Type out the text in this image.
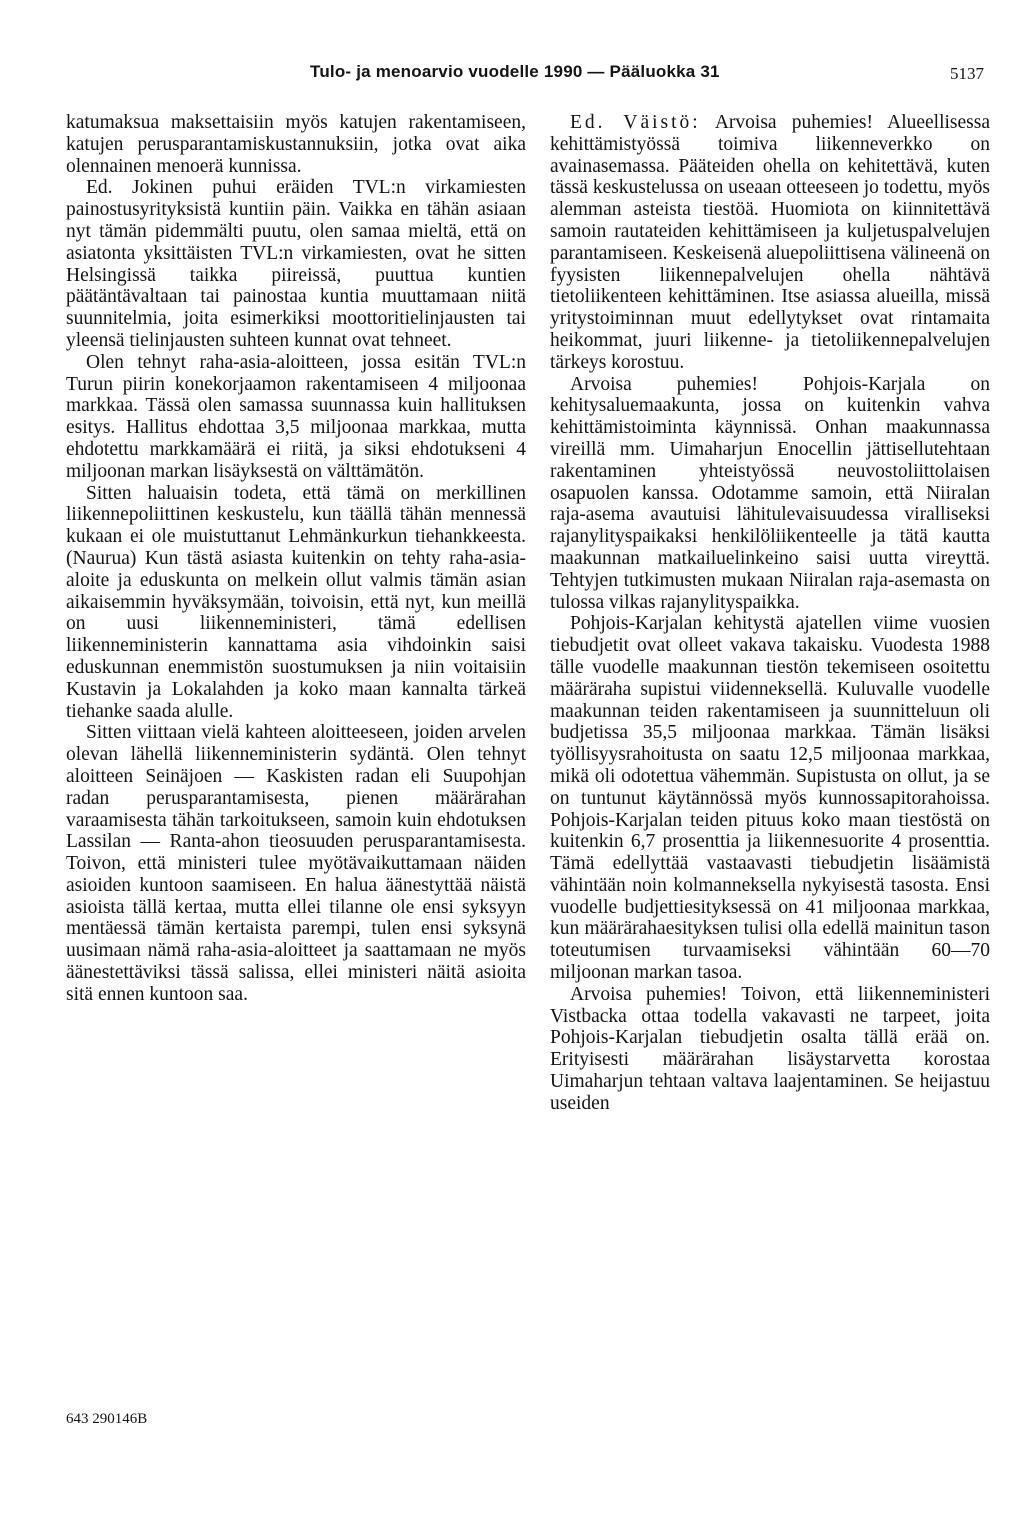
Tulo- ja menoarvio vuodelle 1990 — Pääluokka 31	5137

katumaksua maksettaisiin myös katujen rakentamiseen, katujen perusparantamiskustannuksiin, jotka ovat aika olennainen menoerä kunnissa.

Ed. Jokinen puhui eräiden TVL:n virkamiesten painostusyrityksistä kuntiin päin. Vaikka en tähän asiaan nyt tämän pidemmälti puutu, olen samaa mieltä, että on asiatonta yksittäisten TVL:n virkamiesten, ovat he sitten Helsingissä taikka piireissä, puuttua kuntien päätäntävaltaan tai painostaa kuntia muuttamaan niitä suunnitelmia, joita esimerkiksi moottoritielinjausten tai yleensä tielinjausten suhteen kunnat ovat tehneet.

Olen tehnyt raha-asia-aloitteen, jossa esitän TVL:n Turun piirin konekorjaamon rakentamiseen 4 miljoonaa markkaa. Tässä olen samassa suunnassa kuin hallituksen esitys. Hallitus ehdottaa 3,5 miljoonaa markkaa, mutta ehdotettu markkamäärä ei riitä, ja siksi ehdotukseni 4 miljoonan markan lisäyksestä on välttämätön.

Sitten haluaisin todeta, että tämä on merkillinen liikennepoliittinen keskustelu, kun täällä tähän mennessä kukaan ei ole muistuttanut Lehmänkurkun tiehankkeesta. (Naurua) Kun tästä asiasta kuitenkin on tehty raha-asia-aloite ja eduskunta on melkein ollut valmis tämän asian aikaisemmin hyväksymään, toivoisin, että nyt, kun meillä on uusi liikenneministeri, tämä edellisen liikenneministerin kannattama asia vihdoinkin saisi eduskunnan enemmistön suostumuksen ja niin voitaisiin Kustavin ja Lokalahden ja koko maan kannalta tärkeä tiehanke saada alulle.

Sitten viittaan vielä kahteen aloitteeseen, joiden arvelen olevan lähellä liikenneministerin sydäntä. Olen tehnyt aloitteen Seinäjoen — Kaskisten radan eli Suupohjan radan perusparantamisesta, pienen määrärahan varaamisesta tähän tarkoitukseen, samoin kuin ehdotuksen Lassilan — Ranta-ahon tieosuuden perusparantamisesta. Toivon, että ministeri tulee myötävaikuttamaan näiden asioiden kuntoon saamiseen. En halua äänestyttää näistä asioista tällä kertaa, mutta ellei tilanne ole ensi syksyyn mentäessä tämän kertaista parempi, tulen ensi syksynä uusimaan nämä raha-asia-aloitteet ja saattamaan ne myös äänestettäviksi tässä salissa, ellei ministeri näitä asioita sitä ennen kuntoon saa.

Ed. Väistö: Arvoisa puhemies! Alueellisessa kehittämistyössä toimiva liikenneverkko on avainasemassa. Pääteiden ohella on kehitettävä, kuten tässä keskustelussa on useaan otteeseen jo todettu, myös alemman asteista tiestöä. Huomiota on kiinnitettävä samoin rautateiden kehittämiseen ja kuljetuspalvelujen parantamiseen. Keskeisenä aluepoliittisena välineenä on fyysisten liikennepalvelujen ohella nähtävä tietoliikenteen kehittäminen. Itse asiassa alueilla, missä yritystoiminnan muut edellytykset ovat rintamaita heikommat, juuri liikenne- ja tietoliikennepalvelujen tärkeys korostuu.

Arvoisa puhemies! Pohjois-Karjala on kehitysaluemaakunta, jossa on kuitenkin vahva kehittämistoiminta käynnissä. Onhan maakunnassa vireillä mm. Uimaharjun Enocellin jättisellutehtaan rakentaminen yhteistyössä neuvostoliittolaisen osapuolen kanssa. Odotamme samoin, että Niiralan raja-asema avautuisi lähitulevaisuudessa viralliseksi rajanylityspaikaksi henkilöliikenteelle ja tätä kautta maakunnan matkailuelinkeino saisi uutta vireyttä. Tehtyjen tutkimusten mukaan Niiralan raja-asemasta on tulossa vilkas rajanylityspaikka.

Pohjois-Karjalan kehitystä ajatellen viime vuosien tiebudjetit ovat olleet vakava takaisku. Vuodesta 1988 tälle vuodelle maakunnan tiestön tekemiseen osoitettu määräraha supistui viidenneksellä. Kuluvalle vuodelle maakunnan teiden rakentamiseen ja suunnitteluun oli budjetissa 35,5 miljoonaa markkaa. Tämän lisäksi työllisyysrahoitusta on saatu 12,5 miljoonaa markkaa, mikä oli odotettua vähemmän. Supistusta on ollut, ja se on tuntunut käytännössä myös kunnossapitorahoissa. Pohjois-Karjalan teiden pituus koko maan tiestöstä on kuitenkin 6,7 prosenttia ja liikennesuorite 4 prosenttia. Tämä edellyttää vastaavasti tiebudjetin lisäämistä vähintään noin kolmanneksella nykyisestä tasosta. Ensi vuodelle budjettiesityksessä on 41 miljoonaa markkaa, kun määrärahaesityksen tulisi olla edellä mainitun tason toteutumisen turvaamiseksi vähintään 60—70 miljoonan markan tasoa.

Arvoisa puhemies! Toivon, että liikenneministeri Vistbacka ottaa todella vakavasti ne tarpeet, joita Pohjois-Karjalan tiebudjetin osalta tällä erää on. Erityisesti määrärahan lisäystarvetta korostaa Uimaharjun tehtaan valtava laajentaminen. Se heijastuu useiden

643 290146B
